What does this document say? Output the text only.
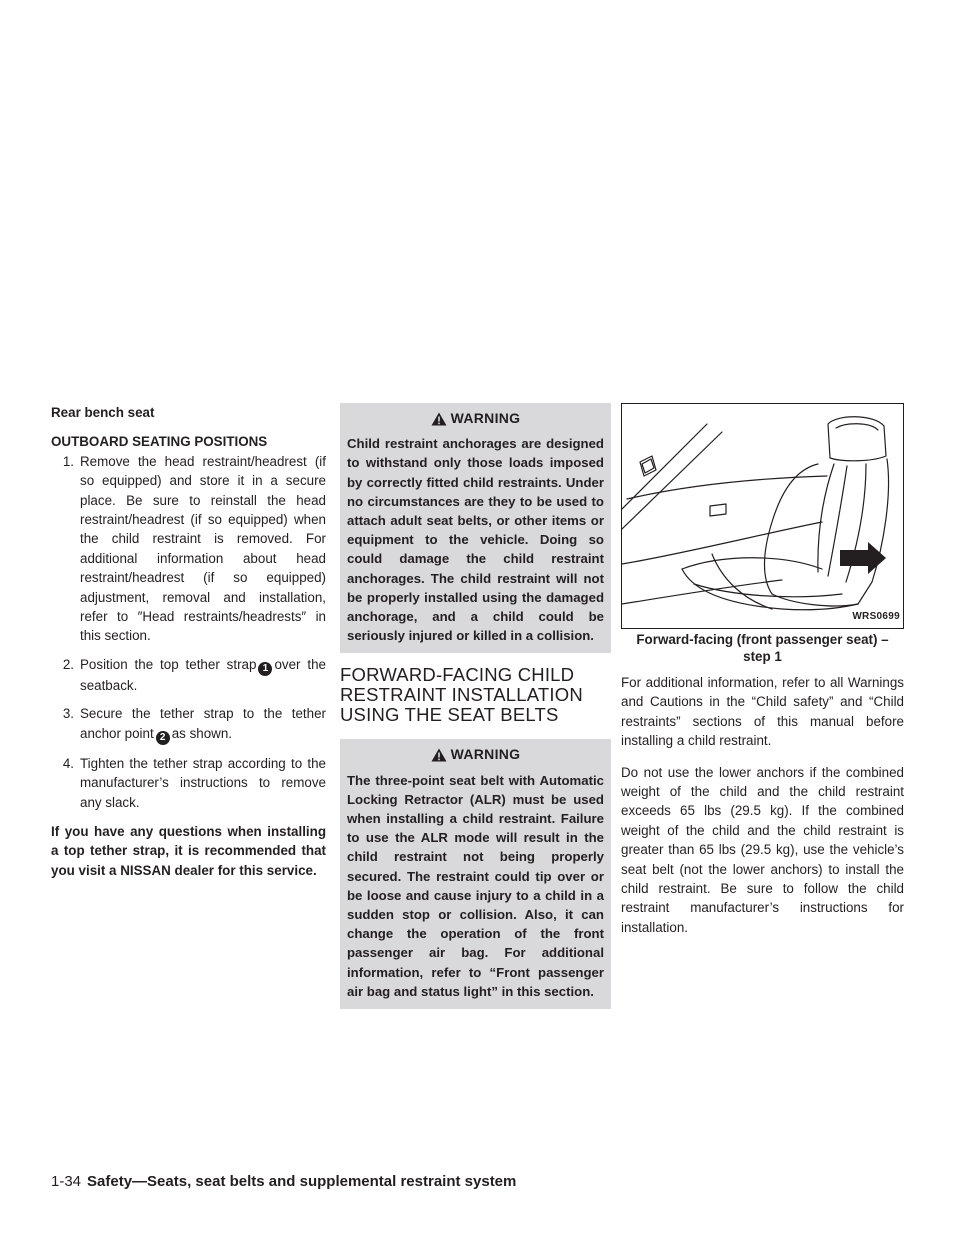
Rear bench seat
OUTBOARD SEATING POSITIONS
1. Remove the head restraint/headrest (if so equipped) and store it in a secure place. Be sure to reinstall the head restraint/headrest (if so equipped) when the child restraint is removed. For additional information about head restraint/headrest (if so equipped) adjustment, removal and installation, refer to ″Head restraints/headrests″ in this section.
2. Position the top tether strap 1 over the seatback.
3. Secure the tether strap to the tether anchor point 2 as shown.
4. Tighten the tether strap according to the manufacturer’s instructions to remove any slack.
If you have any questions when installing a top tether strap, it is recommended that you visit a NISSAN dealer for this service.
WARNING
Child restraint anchorages are designed to withstand only those loads imposed by correctly fitted child restraints. Under no circumstances are they to be used to attach adult seat belts, or other items or equipment to the vehicle. Doing so could damage the child restraint anchorages. The child restraint will not be properly installed using the damaged anchorage, and a child could be seriously injured or killed in a collision.
FORWARD-FACING CHILD RESTRAINT INSTALLATION USING THE SEAT BELTS
WARNING
The three-point seat belt with Automatic Locking Retractor (ALR) must be used when installing a child restraint. Failure to use the ALR mode will result in the child restraint not being properly secured. The restraint could tip over or be loose and cause injury to a child in a sudden stop or collision. Also, it can change the operation of the front passenger air bag. For additional information, refer to “Front passenger air bag and status light” in this section.
WRS0699
Forward-facing (front passenger seat) – step 1
For additional information, refer to all Warnings and Cautions in the “Child safety” and “Child restraints” sections of this manual before installing a child restraint.
Do not use the lower anchors if the combined weight of the child and the child restraint exceeds 65 lbs (29.5 kg). If the combined weight of the child and the child restraint is greater than 65 lbs (29.5 kg), use the vehicle’s seat belt (not the lower anchors) to install the child restraint. Be sure to follow the child restraint manufacturer’s instructions for installation.
1-34 Safety—Seats, seat belts and supplemental restraint system
